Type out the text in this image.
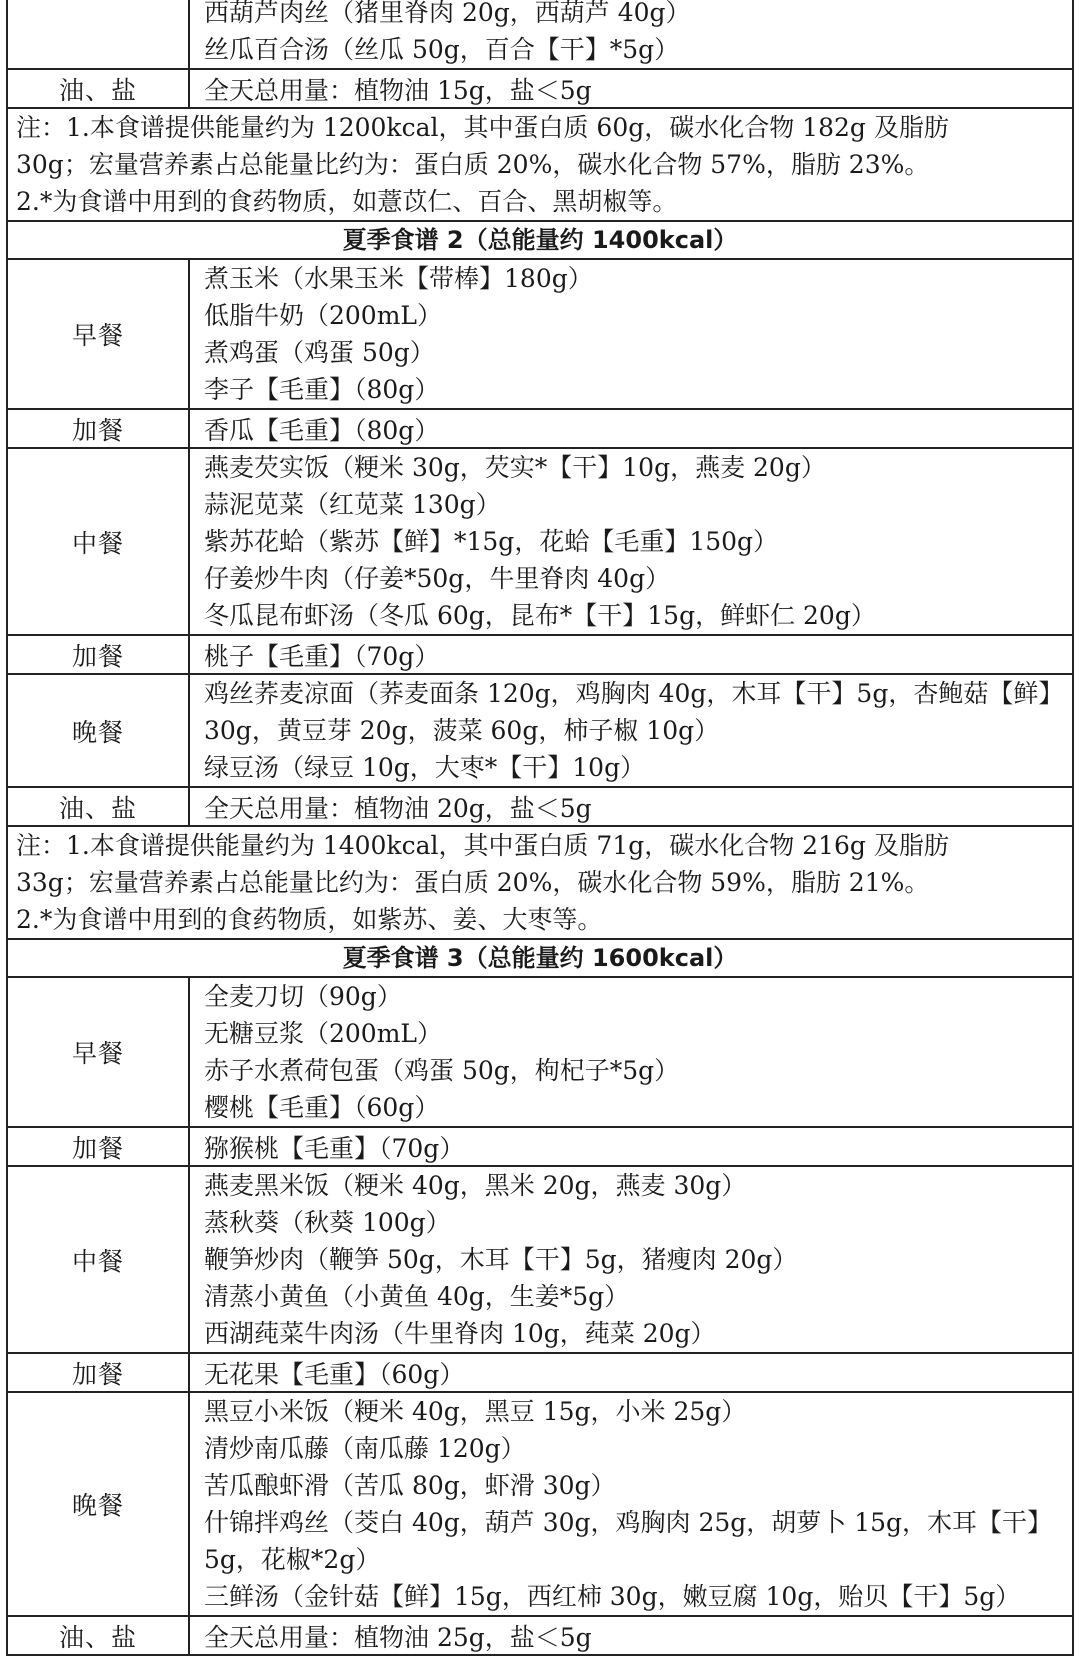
	西葫芦肉丝（猪里脊肉 20g，西葫芦 40g）
丝瓜百合汤（丝瓜 50g，百合【干】*5g）

油、盐	全天总用量：植物油 15g，盐＜5g

注：1.本食谱提供能量约为 1200kcal，其中蛋白质 60g，碳水化合物 182g 及脂肪
30g；宏量营养素占总能量比约为：蛋白质 20%，碳水化合物 57%，脂肪 23%。
2.*为食谱中用到的食药物质，如薏苡仁、百合、黑胡椒等。	

夏季食谱 2（总能量约 1400kcal）	
早餐	煮玉米（水果玉米【带棒】180g）
低脂牛奶（200mL）
煮鸡蛋（鸡蛋 50g）
李子【毛重】（80g）

加餐	香瓜【毛重】（80g）
中餐	燕麦芡实饭（粳米 30g，芡实*【干】10g，燕麦 20g）
蒜泥苋菜（红苋菜 130g）
紫苏花蛤（紫苏【鲜】*15g，花蛤【毛重】150g）
仔姜炒牛肉（仔姜*50g，牛里脊肉 40g）
冬瓜昆布虾汤（冬瓜 60g，昆布*【干】15g，鲜虾仁 20g）

加餐	桃子【毛重】（70g）
晚餐	鸡丝荞麦凉面（荞麦面条 120g，鸡胸肉 40g，木耳【干】5g，杏鲍菇【鲜】30g，黄豆芽 20g，菠菜 60g，柿子椒 10g）
绿豆汤（绿豆 10g，大枣*【干】10g）

油、盐	全天总用量：植物油 20g，盐＜5g

注：1.本食谱提供能量约为 1400kcal，其中蛋白质 71g，碳水化合物 216g 及脂肪
33g；宏量营养素占总能量比约为：蛋白质 20%，碳水化合物 59%，脂肪 21%。
2.*为食谱中用到的食药物质，如紫苏、姜、大枣等。	

夏季食谱 3（总能量约 1600kcal）	
早餐	全麦刀切（90g）
无糖豆浆（200mL）
赤子水煮荷包蛋（鸡蛋 50g，枸杞子*5g）
樱桃【毛重】（60g）

加餐	猕猴桃【毛重】（70g）
中餐	燕麦黑米饭（粳米 40g，黑米 20g，燕麦 30g）
蒸秋葵（秋葵 100g）
鞭笋炒肉（鞭笋 50g，木耳【干】5g，猪瘦肉 20g）
清蒸小黄鱼（小黄鱼 40g，生姜*5g）
西湖莼菜牛肉汤（牛里脊肉 10g，莼菜 20g）

加餐	无花果【毛重】（60g）
晚餐	黑豆小米饭（粳米 40g，黑豆 15g，小米 25g）
清炒南瓜藤（南瓜藤 120g）
苦瓜酿虾滑（苦瓜 80g，虾滑 30g）
什锦拌鸡丝（茭白 40g，葫芦 30g，鸡胸肉 25g，胡萝卜 15g，木耳【干】5g，花椒*2g）
三鲜汤（金针菇【鲜】15g，西红柿 30g，嫩豆腐 10g，贻贝【干】5g）

油、盐	全天总用量：植物油 25g，盐＜5g
